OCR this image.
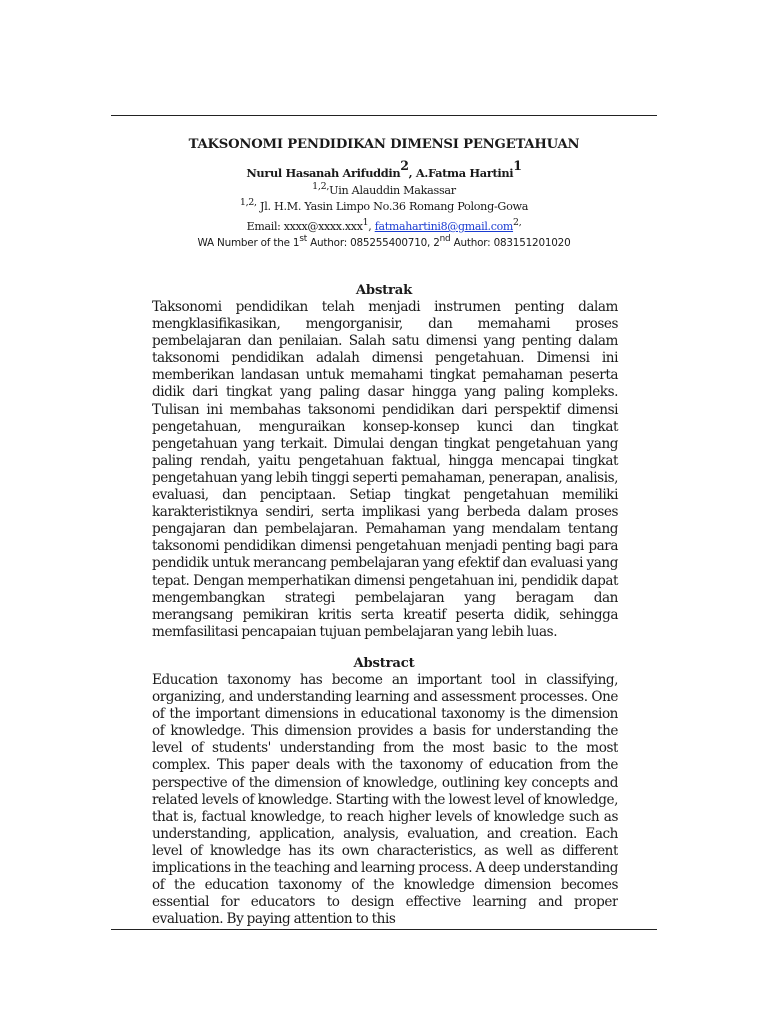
TAKSONOMI PENDIDIKAN DIMENSI PENGETAHUAN
Nurul Hasanah Arifuddin$^2$, A.Fatma Hartini$^1$
$^{1,2,}$Uin Alauddin Makassar
$^{1,2,}$ Jl. H.M. Yasin Limpo No.36 Romang Polong-Gowa
Email: xxxx@xxxx.xxx$^1$, fatmahartini8@gmail.com$^{2,}$
WA Number of the 1st Author: 085255400710, 2nd Author: 083151201020
Abstrak
Taksonomi pendidikan telah menjadi instrumen penting dalam mengklasifikasikan, mengorganisir, dan memahami proses pembelajaran dan penilaian. Salah satu dimensi yang penting dalam taksonomi pendidikan adalah dimensi pengetahuan. Dimensi ini memberikan landasan untuk memahami tingkat pemahaman peserta didik dari tingkat yang paling dasar hingga yang paling kompleks. Tulisan ini membahas taksonomi pendidikan dari perspektif dimensi pengetahuan, menguraikan konsep-konsep kunci dan tingkat pengetahuan yang terkait. Dimulai dengan tingkat pengetahuan yang paling rendah, yaitu pengetahuan faktual, hingga mencapai tingkat pengetahuan yang lebih tinggi seperti pemahaman, penerapan, analisis, evaluasi, dan penciptaan. Setiap tingkat pengetahuan memiliki karakteristiknya sendiri, serta implikasi yang berbeda dalam proses pengajaran dan pembelajaran. Pemahaman yang mendalam tentang taksonomi pendidikan dimensi pengetahuan menjadi penting bagi para pendidik untuk merancang pembelajaran yang efektif dan evaluasi yang tepat. Dengan memperhatikan dimensi pengetahuan ini, pendidik dapat mengembangkan strategi pembelajaran yang beragam dan merangsang pemikiran kritis serta kreatif peserta didik, sehingga memfasilitasi pencapaian tujuan pembelajaran yang lebih luas.
Abstract
Education taxonomy has become an important tool in classifying, organizing, and understanding learning and assessment processes. One of the important dimensions in educational taxonomy is the dimension of knowledge. This dimension provides a basis for understanding the level of students' understanding from the most basic to the most complex. This paper deals with the taxonomy of education from the perspective of the dimension of knowledge, outlining key concepts and related levels of knowledge. Starting with the lowest level of knowledge, that is, factual knowledge, to reach higher levels of knowledge such as understanding, application, analysis, evaluation, and creation. Each level of knowledge has its own characteristics, as well as different implications in the teaching and learning process. A deep understanding of the education taxonomy of the knowledge dimension becomes essential for educators to design effective learning and proper evaluation. By paying attention to this
